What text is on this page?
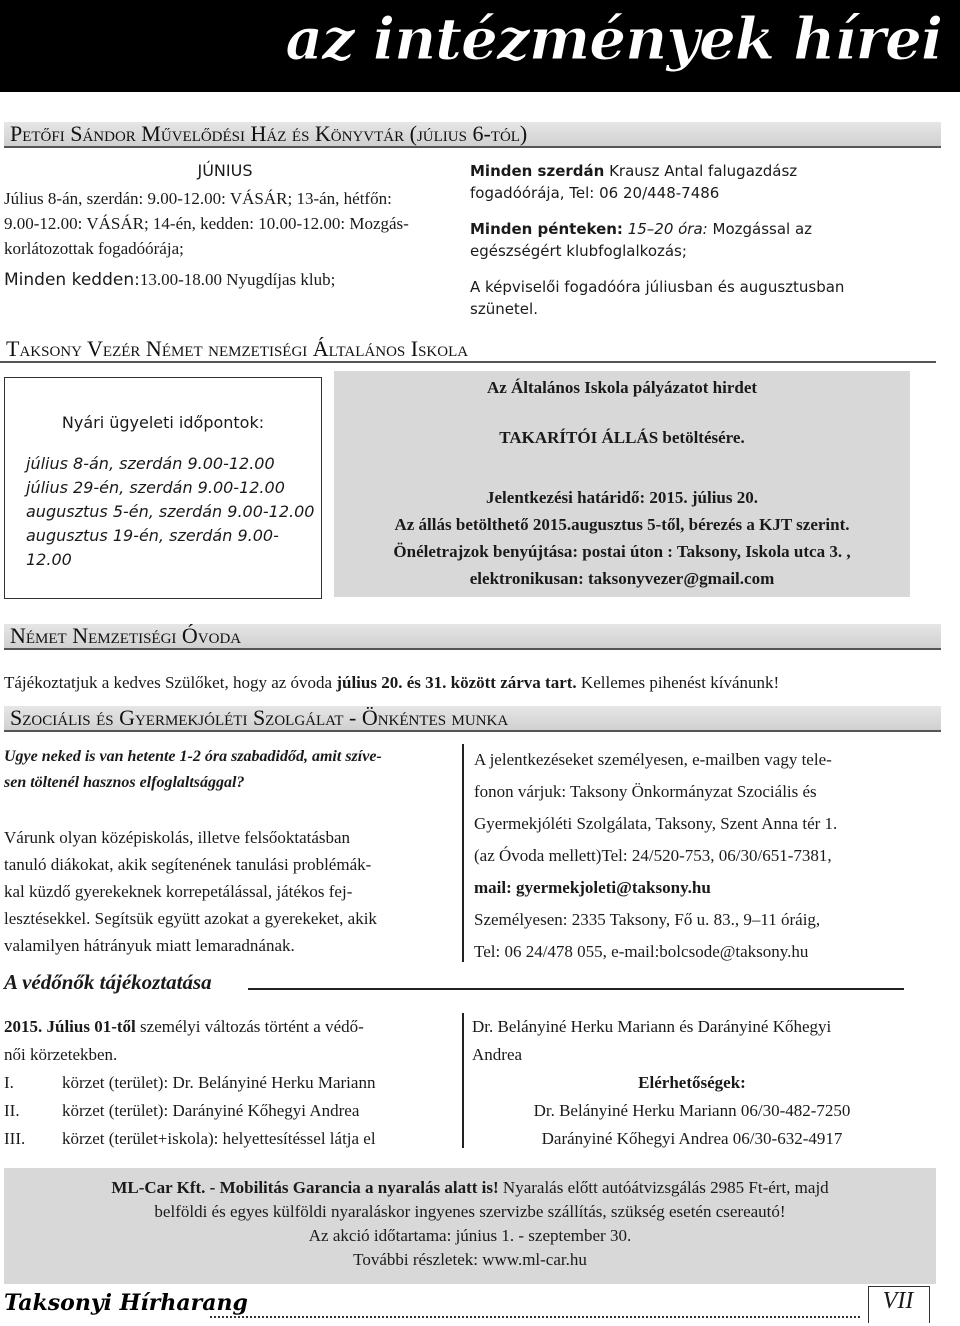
az intézmények hírei
Petőfi Sándor Művelődési Ház és Könyvtár (július 6-tól)
JÚNIUS
Július 8-án, szerdán: 9.00-12.00: VÁSÁR; 13-án, hétfőn:
9.00-12.00: VÁSÁR; 14-én, kedden: 10.00-12.00: Mozgás-
korlátozottak fogadóórája;
Minden kedden:13.00-18.00 Nyugdíjas klub;
Minden szerdán Krausz Antal falugazdász
fogadóórája, Tel: 06 20/448-7486
Minden pénteken: 15–20 óra: Mozgással az
egészségért klubfoglalkozás;
A képviselői fogadóóra júliusban és augusztusban
szünetel.
Taksony Vezér Német nemzetiségi Általános Iskola
Nyári ügyeleti időpontok:
július 8-án, szerdán 9.00-12.00
július 29-én, szerdán 9.00-12.00
augusztus 5-én, szerdán 9.00-12.00
augusztus 19-én, szerdán 9.00-12.00
Az Általános Iskola pályázatot hirdet
TAKARÍTÓI ÁLLÁS betöltésére.
Jelentkezési határidő: 2015. július 20.
Az állás betölthető 2015.augusztus 5-től, bérezés a KJT szerint.
Önéletrajzok benyújtása: postai úton : Taksony, Iskola utca 3. ,
elektronikusan: taksonyvezer@gmail.com
Német Nemzetiségi Óvoda
Tájékoztatjuk a kedves Szülőket, hogy az óvoda július 20. és 31. között zárva tart. Kellemes pihenést kívánunk!
Szociális és Gyermekjóléti Szolgálat - Önkéntes munka
Ugye neked is van hetente 1-2 óra szabadidőd, amit szíve-
sen töltenél hasznos elfoglaltsággal?
Várunk olyan középiskolás, illetve felsőoktatásban
tanuló diákokat, akik segítenének tanulási problémák-
kal küzdő gyerekeknek korrepetálással, játékos fej-
lesztésekkel. Segítsük együtt azokat a gyerekeket, akik
valamilyen hátrányuk miatt lemaradnának.
A jelentkezéseket személyesen, e-mailben vagy tele-
fonon várjuk: Taksony Önkormányzat Szociális és
Gyermekjóléti Szolgálata, Taksony, Szent Anna tér 1.
(az Óvoda mellett)Tel: 24/520-753, 06/30/651-7381,
mail: gyermekjoleti@taksony.hu
Személyesen: 2335 Taksony, Fő u. 83., 9–11 óráig,
Tel: 06 24/478 055, e-mail:bolcsode@taksony.hu
A védőnők tájékoztatása
2015. Július 01-től személyi változás történt a védő-
női körzetekben.
I.	körzet (terület): Dr. Belányiné Herku Mariann
II. körzet (terület): Darányiné Kőhegyi Andrea
III. körzet (terület+iskola): helyettesítéssel látja el
Dr. Belányiné Herku Mariann és Darányiné Kőhegyi
Andrea
Elérhetőségek:
Dr. Belányiné Herku Mariann 06/30-482-7250
Darányiné Kőhegyi Andrea 06/30-632-4917
ML-Car Kft. - Mobilitás Garancia a nyaralás alatt is! Nyaralás előtt autóátvizsgálás 2985 Ft-ért, majd
belföldi és egyes külföldi nyaraláskor ingyenes szervizbe szállítás, szükség esetén csereautó!
Az akció időtartama: június 1. - szeptember 30.
További részletek: www.ml-car.hu
Taksonyi Hírharang	VII
